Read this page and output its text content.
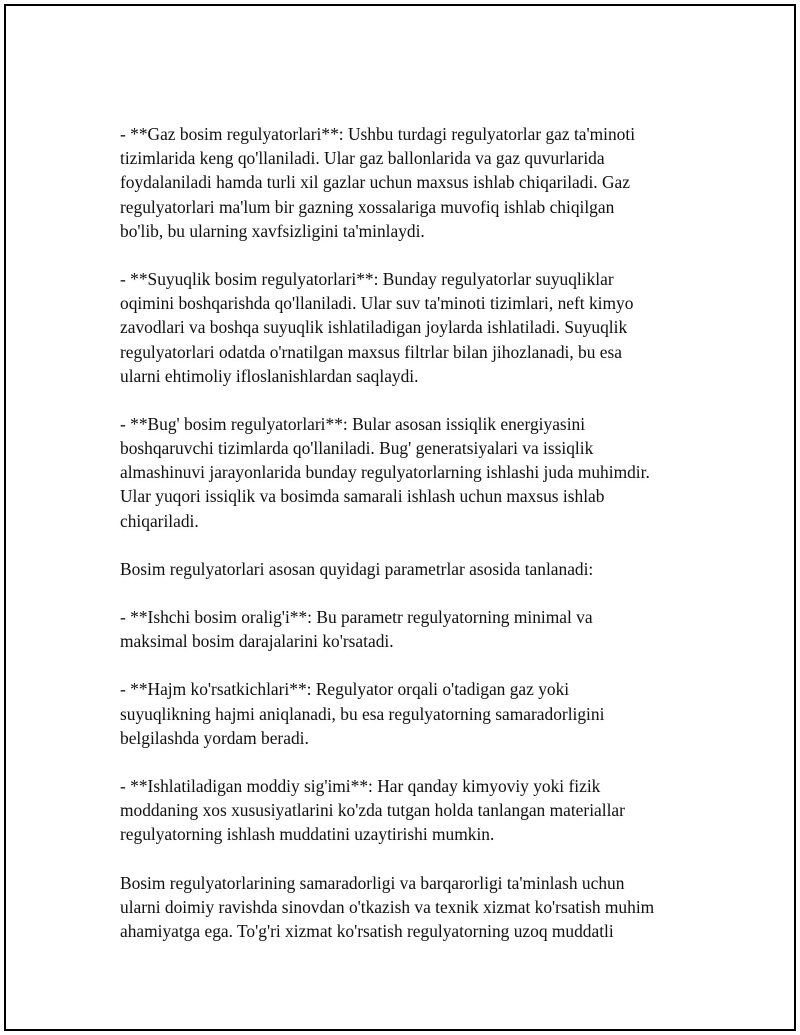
- **Gaz bosim regulyatorlari**: Ushbu turdagi regulyatorlar gaz ta'minoti
tizimlarida keng qo'llaniladi. Ular gaz ballonlarida va gaz quvurlarida
foydalaniladi hamda turli xil gazlar uchun maxsus ishlab chiqariladi. Gaz
regulyatorlari ma'lum bir gazning xossalariga muvofiq ishlab chiqilgan
bo'lib, bu ularning xavfsizligini ta'minlaydi.
- **Suyuqlik bosim regulyatorlari**: Bunday regulyatorlar suyuqliklar
oqimini boshqarishda qo'llaniladi. Ular suv ta'minoti tizimlari, neft kimyo
zavodlari va boshqa suyuqlik ishlatiladigan joylarda ishlatiladi. Suyuqlik
regulyatorlari odatda o'rnatilgan maxsus filtrlar bilan jihozlanadi, bu esa
ularni ehtimoliy ifloslanishlardan saqlaydi.
- **Bug' bosim regulyatorlari**: Bular asosan issiqlik energiyasini
boshqaruvchi tizimlarda qo'llaniladi. Bug' generatsiyalari va issiqlik
almashinuvi jarayonlarida bunday regulyatorlarning ishlashi juda muhimdir.
Ular yuqori issiqlik va bosimda samarali ishlash uchun maxsus ishlab
chiqariladi.
Bosim regulyatorlari asosan quyidagi parametrlar asosida tanlanadi:
- **Ishchi bosim oralig'i**: Bu parametr regulyatorning minimal va
maksimal bosim darajalarini ko'rsatadi.
- **Hajm ko'rsatkichlari**: Regulyator orqali o'tadigan gaz yoki
suyuqlikning hajmi aniqlanadi, bu esa regulyatorning samaradorligini
belgilashda yordam beradi.
- **Ishlatiladigan moddiy sig'imi**: Har qanday kimyoviy yoki fizik
moddaning xos xususiyatlarini ko'zda tutgan holda tanlangan materiallar
regulyatorning ishlash muddatini uzaytirishi mumkin.
Bosim regulyatorlarining samaradorligi va barqarorligi ta'minlash uchun
ularni doimiy ravishda sinovdan o'tkazish va texnik xizmat ko'rsatish muhim
ahamiyatga ega. To'g'ri xizmat ko'rsatish regulyatorning uzoq muddatli
